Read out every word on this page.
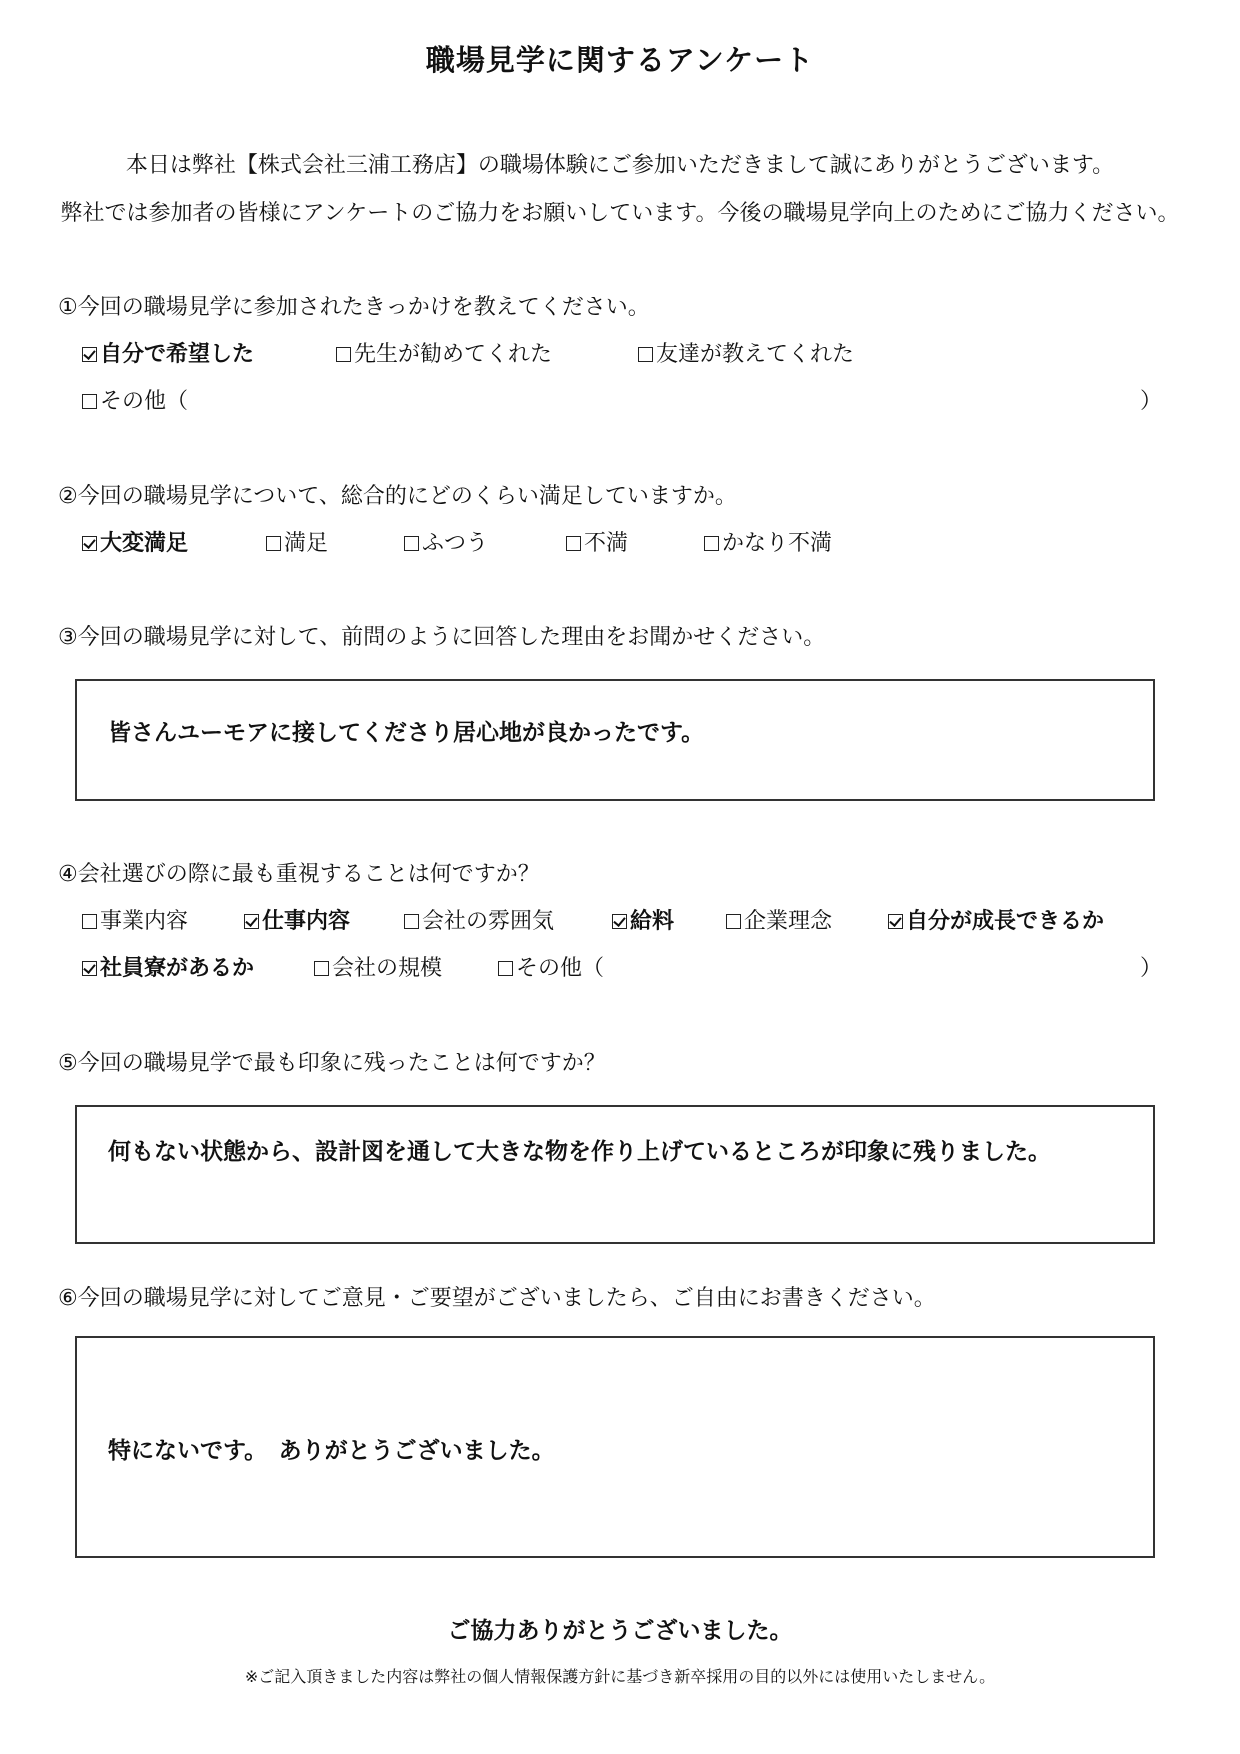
職場見学に関するアンケート
本日は弊社【株式会社三浦工務店】の職場体験にご参加いただきまして誠にありがとうございます。
弊社では参加者の皆様にアンケートのご協力をお願いしています。今後の職場見学向上のためにご協力ください。
①今回の職場見学に参加されたきっかけを教えてください。
自分で希望した	先生が勧めてくれた	友達が教えてくれた
その他（	）
②今回の職場見学について、総合的にどのくらい満足していますか。
大変満足	満足	ふつう	不満	かなり不満
③今回の職場見学に対して、前問のように回答した理由をお聞かせください。
皆さんユーモアに接してくださり居心地が良かったです。
④会社選びの際に最も重視することは何ですか？
事業内容	仕事内容	会社の雰囲気	給料	企業理念	自分が成長できるか
社員寮があるか	会社の規模	その他（	）
⑤今回の職場見学で最も印象に残ったことは何ですか？
何もない状態から、設計図を通して大きな物を作り上げているところが印象に残りました。
⑥今回の職場見学に対してご意見・ご要望がございましたら、ご自由にお書きください。
特にないです。　ありがとうございました。
ご協力ありがとうございました。
※ご記入頂きました内容は弊社の個人情報保護方針に基づき新卒採用の目的以外には使用いたしません。
